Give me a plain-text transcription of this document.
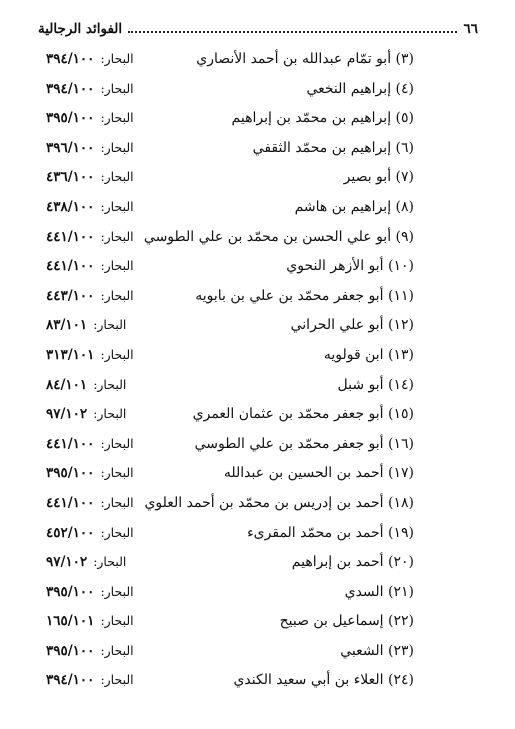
٦٦
الفوائد الرجالية
(٣) أبو تمّام عبدالله بن أحمد الأنصاري
البحار:٣٩٤/١٠٠
(٤) إبراهيم النخعي
البحار:٣٩٤/١٠٠
(٥) إبراهيم بن محمّد بن إبراهيم
البحار:٣٩٥/١٠٠
(٦) إبراهيم بن محمّد الثقفي
البحار:٣٩٦/١٠٠
(٧) أبو بصير
البحار:٤٣٦/١٠٠
(٨) إبراهيم بن هاشم
البحار:٤٣٨/١٠٠
(٩) أبو علي الحسن بن محمّد بن علي الطوسي
البحار:٤٤١/١٠٠
(١٠) أبو الأزهر النحوي
البحار:٤٤١/١٠٠
(١١) أبو جعفر محمّد بن علي بن بابويه
البحار:٤٤٣/١٠٠
(١٢) أبو علي الحراني
البحار:٨٣/١٠١
(١٣) ابن قولويه
البحار:٣١٣/١٠١
(١٤) أبو شبل
البحار:٨٤/١٠١
(١٥) أبو جعفر محمّد بن عثمان العمري
البحار:٩٧/١٠٢
(١٦) أبو جعفر محمّد بن علي الطوسي
البحار:٤٤١/١٠٠
(١٧) أحمد بن الحسين بن عبدالله
البحار:٣٩٥/١٠٠
(١٨) أحمد بن إدريس بن محمّد بن أحمد العلوي
البحار:٤٤١/١٠٠
(١٩) أحمد بن محمّد المقرىء
البحار:٤٥٢/١٠٠
(٢٠) أحمد بن إبراهيم
البحار:٩٧/١٠٢
(٢١) السدي
البحار:٣٩٥/١٠٠
(٢٢) إسماعيل بن صبيح
البحار:١٦٥/١٠١
(٢٣) الشعبي
البحار:٣٩٥/١٠٠
(٢٤) العلاء بن أبي سعيد الكندي
البحار:٣٩٤/١٠٠
